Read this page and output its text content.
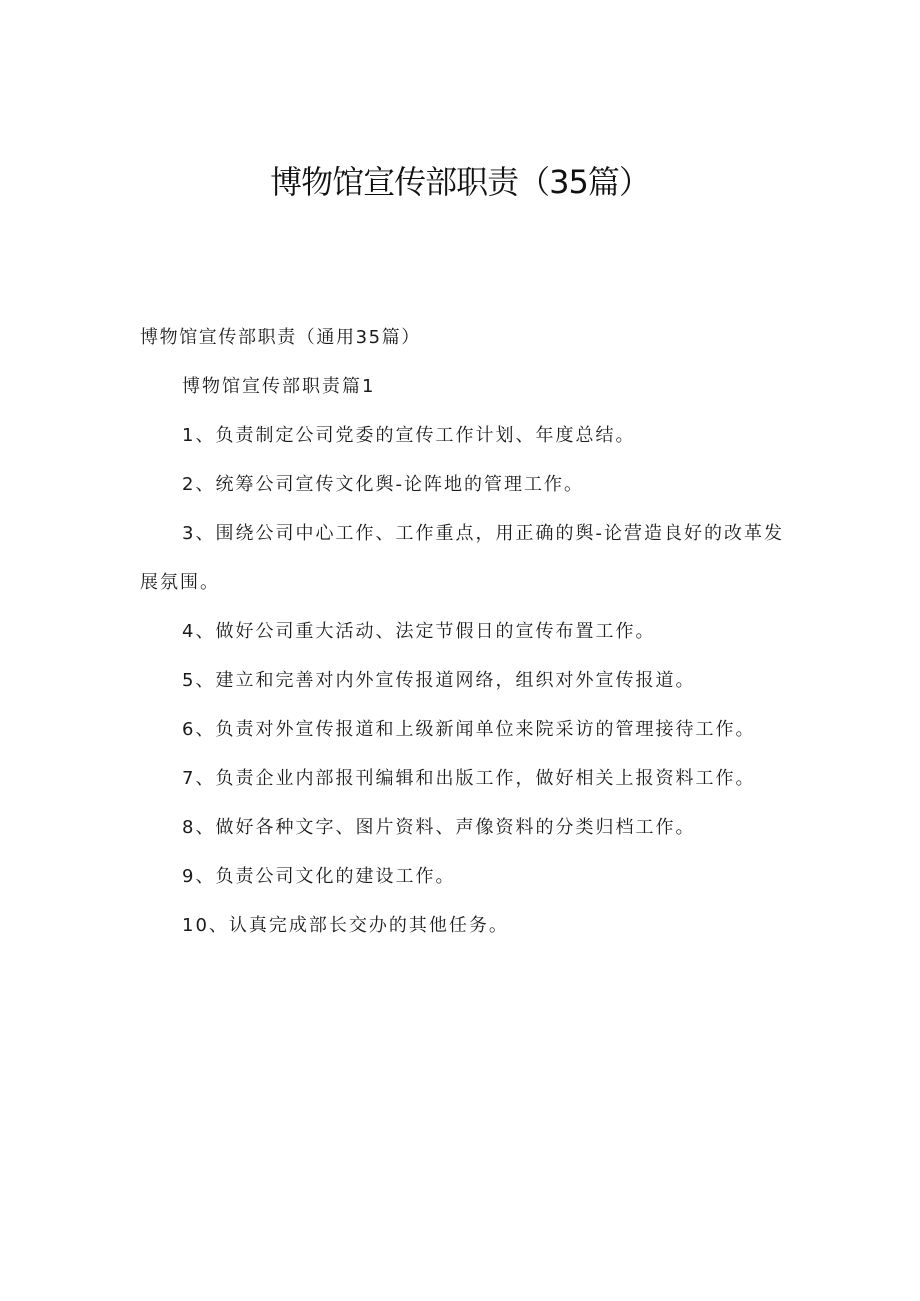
博物馆宣传部职责（35篇）

博物馆宣传部职责（通用35篇）

博物馆宣传部职责篇1

1、负责制定公司党委的宣传工作计划、年度总结。

2、统筹公司宣传文化舆-论阵地的管理工作。

3、围绕公司中心工作、工作重点，用正确的舆-论营造良好的改革发展氛围。

4、做好公司重大活动、法定节假日的宣传布置工作。

5、建立和完善对内外宣传报道网络，组织对外宣传报道。

6、负责对外宣传报道和上级新闻单位来院采访的管理接待工作。

7、负责企业内部报刊编辑和出版工作，做好相关上报资料工作。

8、做好各种文字、图片资料、声像资料的分类归档工作。

9、负责公司文化的建设工作。

10、认真完成部长交办的其他任务。
